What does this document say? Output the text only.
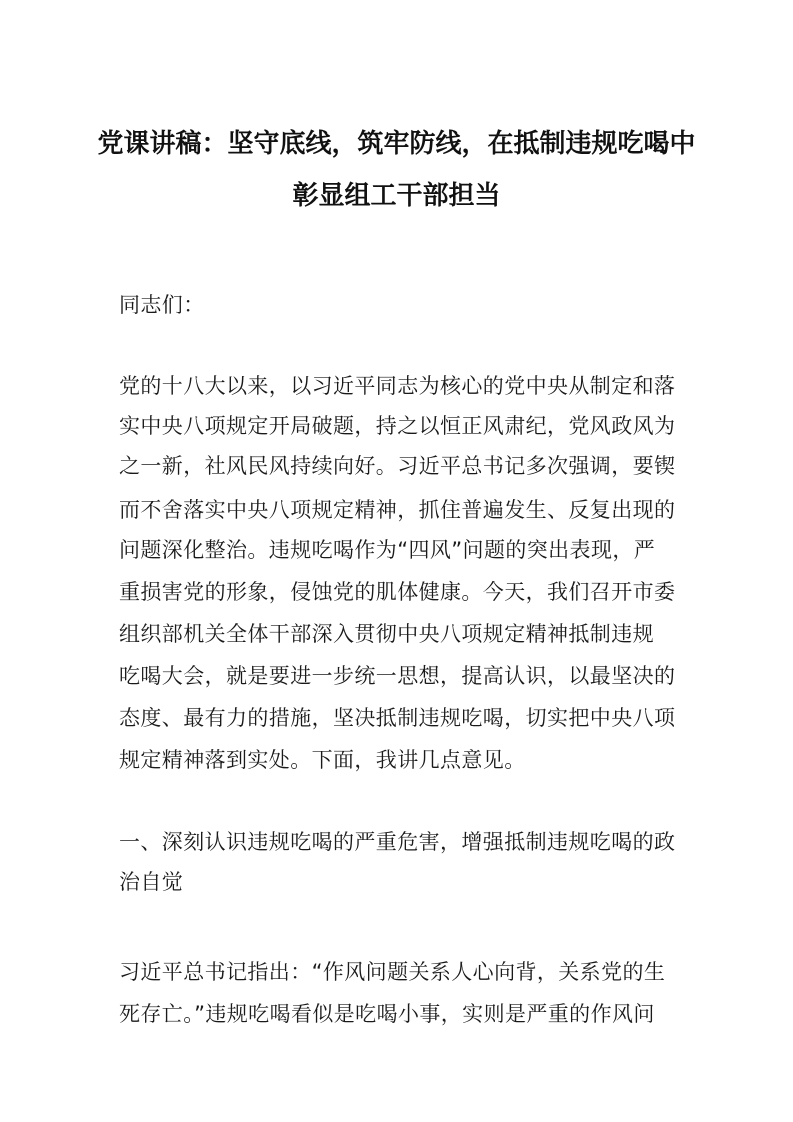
党课讲稿：坚守底线，筑牢防线，在抵制违规吃喝中
彰显组工干部担当
同志们：
党的十八大以来，以习近平同志为核心的党中央从制定和落
实中央八项规定开局破题，持之以恒正风肃纪，党风政风为
之一新，社风民风持续向好。习近平总书记多次强调，要锲
而不舍落实中央八项规定精神，抓住普遍发生、反复出现的
问题深化整治。违规吃喝作为“四风”问题的突出表现，严
重损害党的形象，侵蚀党的肌体健康。今天，我们召开市委
组织部机关全体干部深入贯彻中央八项规定精神抵制违规
吃喝大会，就是要进一步统一思想，提高认识，以最坚决的
态度、最有力的措施，坚决抵制违规吃喝，切实把中央八项
规定精神落到实处。下面，我讲几点意见。
一、深刻认识违规吃喝的严重危害，增强抵制违规吃喝的政
治自觉
习近平总书记指出：“作风问题关系人心向背，关系党的生
死存亡。”违规吃喝看似是吃喝小事，实则是严重的作风问
